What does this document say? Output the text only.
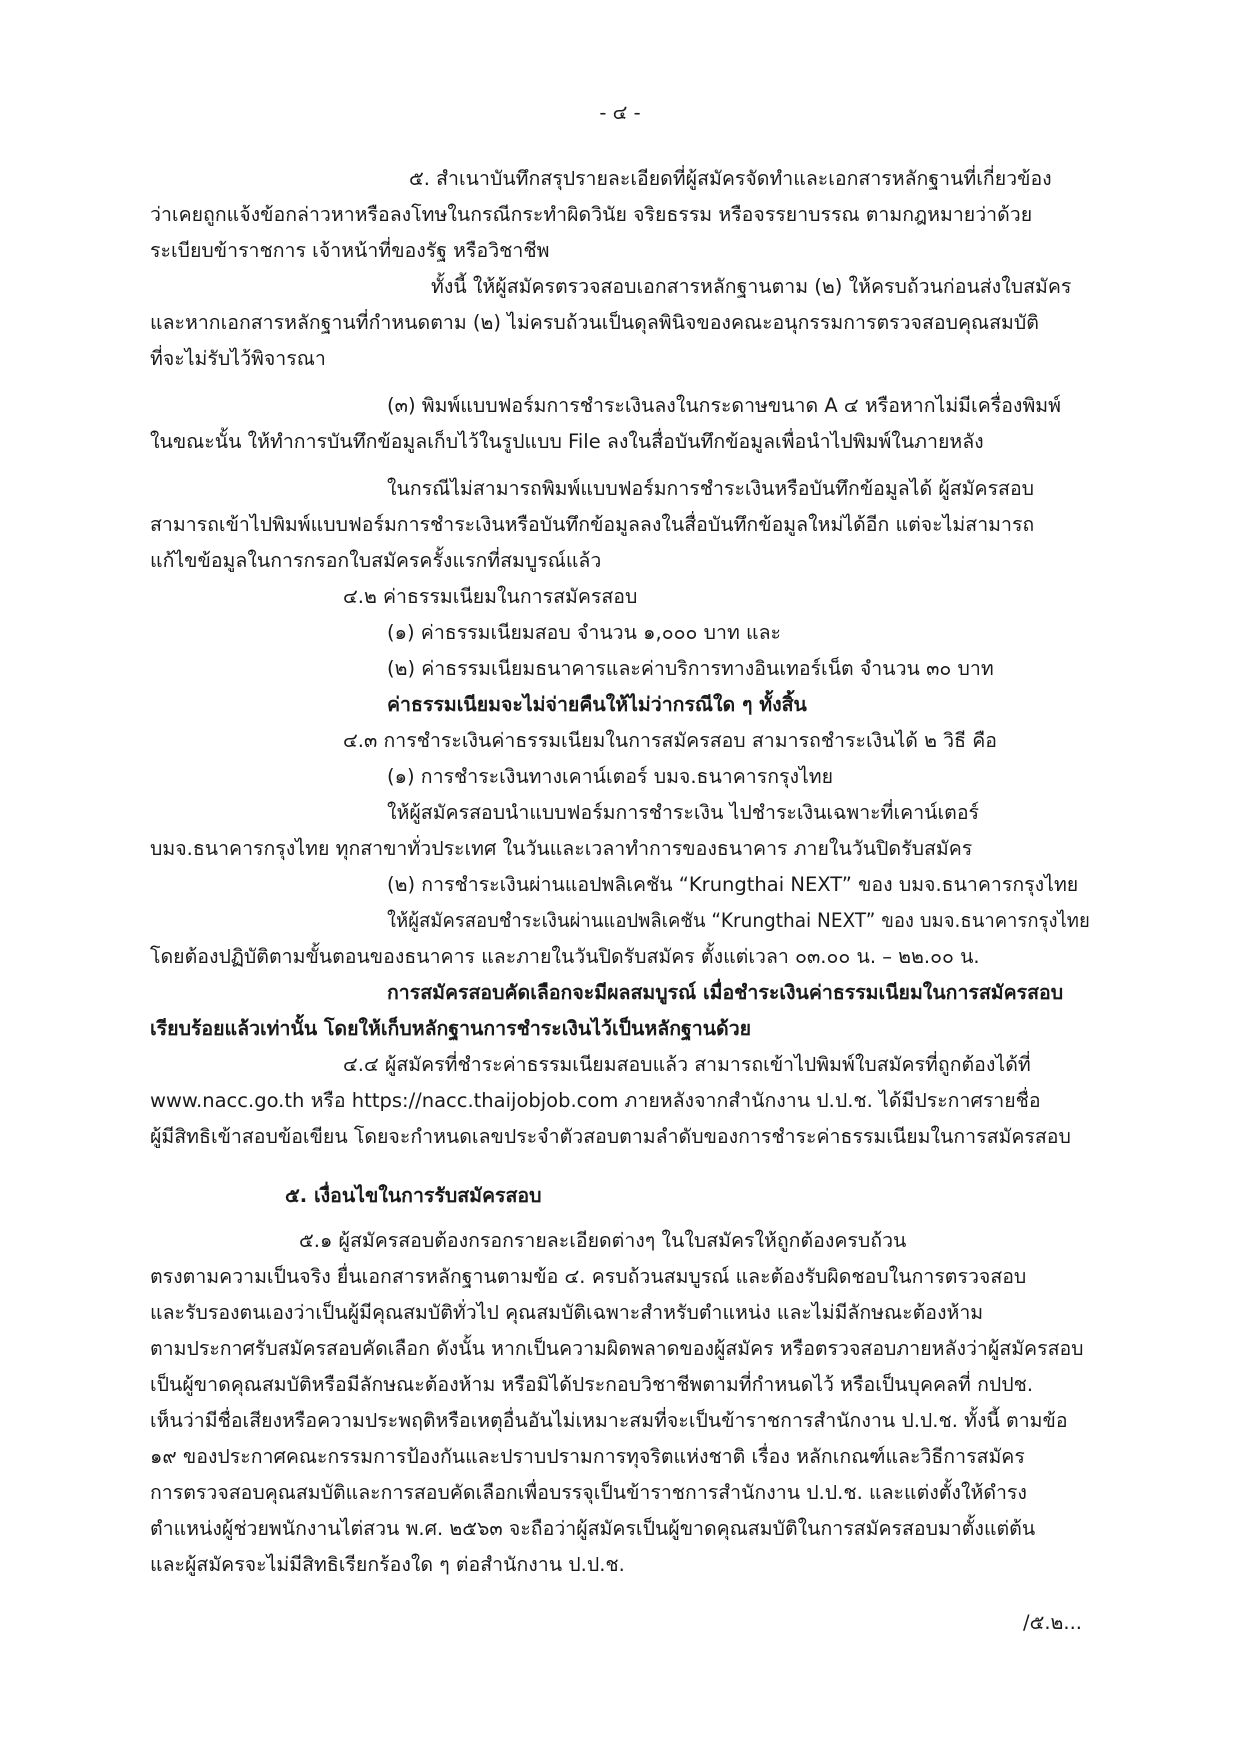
- ๔ -
๕. สำเนาบันทึกสรุปรายละเอียดที่ผู้สมัครจัดทำและเอกสารหลักฐานที่เกี่ยวข้อง
ว่าเคยถูกแจ้งข้อกล่าวหาหรือลงโทษในกรณีกระทำผิดวินัย จริยธรรม หรือจรรยาบรรณ ตามกฎหมายว่าด้วย
ระเบียบข้าราชการ เจ้าหน้าที่ของรัฐ หรือวิชาชีพ
ทั้งนี้ ให้ผู้สมัครตรวจสอบเอกสารหลักฐานตาม (๒) ให้ครบถ้วนก่อนส่งใบสมัคร
และหากเอกสารหลักฐานที่กำหนดตาม (๒) ไม่ครบถ้วนเป็นดุลพินิจของคณะอนุกรรมการตรวจสอบคุณสมบัติ
ที่จะไม่รับไว้พิจารณา
(๓) พิมพ์แบบฟอร์มการชำระเงินลงในกระดาษขนาด A ๔ หรือหากไม่มีเครื่องพิมพ์
ในขณะนั้น ให้ทำการบันทึกข้อมูลเก็บไว้ในรูปแบบ File ลงในสื่อบันทึกข้อมูลเพื่อนำไปพิมพ์ในภายหลัง
ในกรณีไม่สามารถพิมพ์แบบฟอร์มการชำระเงินหรือบันทึกข้อมูลได้ ผู้สมัครสอบ
สามารถเข้าไปพิมพ์แบบฟอร์มการชำระเงินหรือบันทึกข้อมูลลงในสื่อบันทึกข้อมูลใหม่ได้อีก แต่จะไม่สามารถ
แก้ไขข้อมูลในการกรอกใบสมัครครั้งแรกที่สมบูรณ์แล้ว
๔.๒ ค่าธรรมเนียมในการสมัครสอบ
(๑) ค่าธรรมเนียมสอบ จำนวน ๑,๐๐๐ บาท และ
(๒) ค่าธรรมเนียมธนาคารและค่าบริการทางอินเทอร์เน็ต จำนวน ๓๐ บาท
ค่าธรรมเนียมจะไม่จ่ายคืนให้ไม่ว่ากรณีใด ๆ ทั้งสิ้น
๔.๓ การชำระเงินค่าธรรมเนียมในการสมัครสอบ สามารถชำระเงินได้ ๒ วิธี คือ
(๑) การชำระเงินทางเคาน์เตอร์ บมจ.ธนาคารกรุงไทย
ให้ผู้สมัครสอบนำแบบฟอร์มการชำระเงิน ไปชำระเงินเฉพาะที่เคาน์เตอร์
บมจ.ธนาคารกรุงไทย ทุกสาขาทั่วประเทศ ในวันและเวลาทำการของธนาคาร ภายในวันปิดรับสมัคร
(๒) การชำระเงินผ่านแอปพลิเคชัน “Krungthai NEXT” ของ บมจ.ธนาคารกรุงไทย
ให้ผู้สมัครสอบชำระเงินผ่านแอปพลิเคชัน “Krungthai NEXT” ของ บมจ.ธนาคารกรุงไทย
โดยต้องปฏิบัติตามขั้นตอนของธนาคาร และภายในวันปิดรับสมัคร ตั้งแต่เวลา ๐๓.๐๐ น. – ๒๒.๐๐ น.
การสมัครสอบคัดเลือกจะมีผลสมบูรณ์ เมื่อชำระเงินค่าธรรมเนียมในการสมัครสอบ
เรียบร้อยแล้วเท่านั้น โดยให้เก็บหลักฐานการชำระเงินไว้เป็นหลักฐานด้วย
๔.๔ ผู้สมัครที่ชำระค่าธรรมเนียมสอบแล้ว สามารถเข้าไปพิมพ์ใบสมัครที่ถูกต้องได้ที่
www.nacc.go.th หรือ https://nacc.thaijobjob.com ภายหลังจากสำนักงาน ป.ป.ช. ได้มีประกาศรายชื่อ
ผู้มีสิทธิเข้าสอบข้อเขียน โดยจะกำหนดเลขประจำตัวสอบตามลำดับของการชำระค่าธรรมเนียมในการสมัครสอบ
๕. เงื่อนไขในการรับสมัครสอบ
๕.๑ ผู้สมัครสอบต้องกรอกรายละเอียดต่างๆ ในใบสมัครให้ถูกต้องครบถ้วน
ตรงตามความเป็นจริง ยื่นเอกสารหลักฐานตามข้อ ๔. ครบถ้วนสมบูรณ์ และต้องรับผิดชอบในการตรวจสอบ
และรับรองตนเองว่าเป็นผู้มีคุณสมบัติทั่วไป คุณสมบัติเฉพาะสำหรับตำแหน่ง และไม่มีลักษณะต้องห้าม
ตามประกาศรับสมัครสอบคัดเลือก ดังนั้น หากเป็นความผิดพลาดของผู้สมัคร หรือตรวจสอบภายหลังว่าผู้สมัครสอบ
เป็นผู้ขาดคุณสมบัติหรือมีลักษณะต้องห้าม หรือมิได้ประกอบวิชาชีพตามที่กำหนดไว้ หรือเป็นบุคคลที่ กปปช.
เห็นว่ามีชื่อเสียงหรือความประพฤติหรือเหตุอื่นอันไม่เหมาะสมที่จะเป็นข้าราชการสำนักงาน ป.ป.ช. ทั้งนี้ ตามข้อ
๑๙ ของประกาศคณะกรรมการป้องกันและปราบปรามการทุจริตแห่งชาติ เรื่อง หลักเกณฑ์และวิธีการสมัคร
การตรวจสอบคุณสมบัติและการสอบคัดเลือกเพื่อบรรจุเป็นข้าราชการสำนักงาน ป.ป.ช. และแต่งตั้งให้ดำรง
ตำแหน่งผู้ช่วยพนักงานไต่สวน พ.ศ. ๒๕๖๓ จะถือว่าผู้สมัครเป็นผู้ขาดคุณสมบัติในการสมัครสอบมาตั้งแต่ต้น
และผู้สมัครจะไม่มีสิทธิเรียกร้องใด ๆ ต่อสำนักงาน ป.ป.ช.
/๕.๒...
